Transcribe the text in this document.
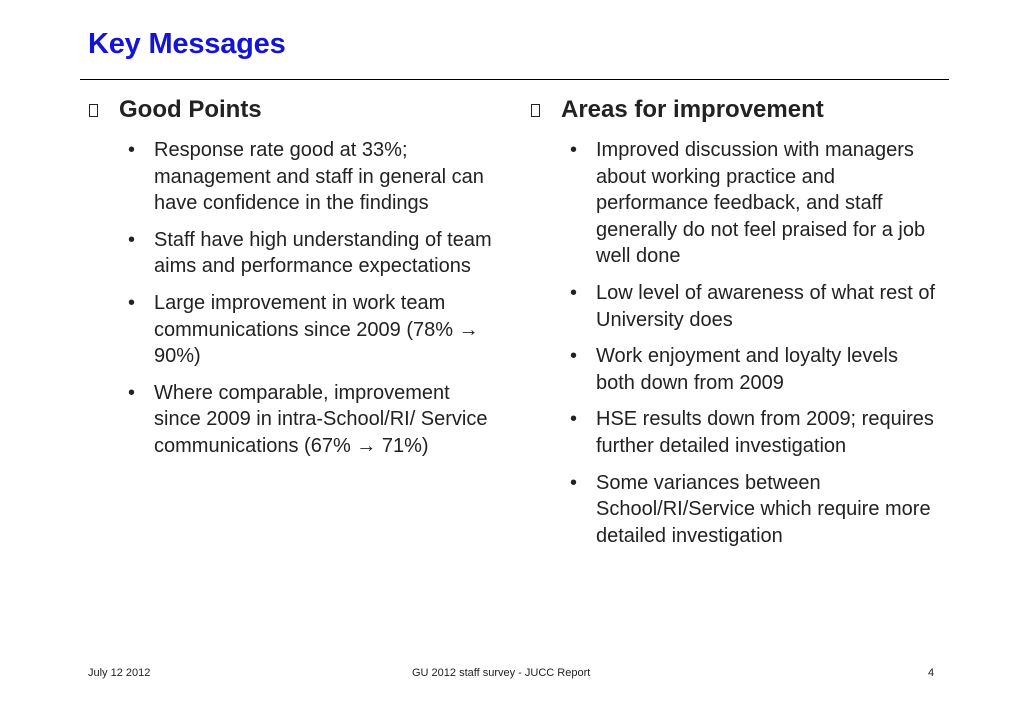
Key Messages
Good Points
• Response rate good at 33%; management and staff in general can have confidence in the findings
• Staff have high understanding of team aims and performance expectations
• Large improvement in work team communications since 2009 (78% → 90%)
• Where comparable, improvement since 2009 in intra-School/RI/ Service communications (67% → 71%)
Areas for improvement
• Improved discussion with managers about working practice and performance feedback, and staff generally do not feel praised for a job well done
• Low level of awareness of what rest of University does
• Work enjoyment and loyalty levels both down from 2009
• HSE results down from 2009; requires further detailed investigation
• Some variances between School/RI/Service which require more detailed investigation
July 12 2012	GU 2012 staff survey - JUCC Report	4
